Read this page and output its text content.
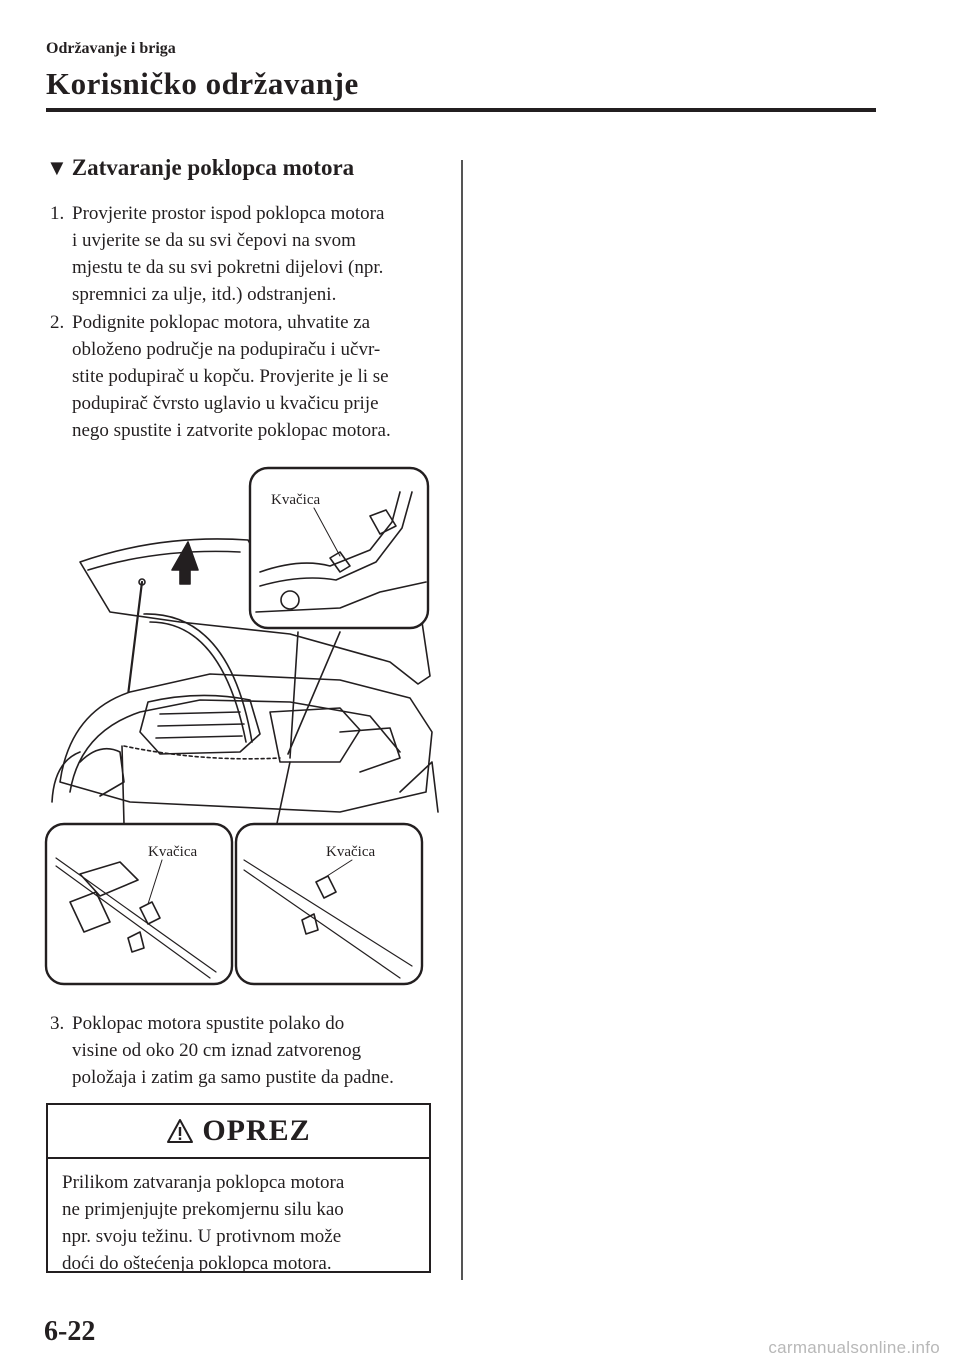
Održavanje i briga
Korisničko održavanje
▼ Zatvaranje poklopca motora
1. Provjerite prostor ispod poklopca motora
i uvjerite se da su svi čepovi na svom
mjestu te da su svi pokretni dijelovi (npr.
spremnici za ulje, itd.) odstranjeni.
2. Podignite poklopac motora, uhvatite za
obloženo područje na podupiraču i učvr-
stite podupirač u kopču. Provjerite je li se
podupirač čvrsto uglavio u kvačicu prije
nego spustite i zatvorite poklopac motora.
Kvačica
Kvačica	Kvačica
3. Poklopac motora spustite polako do
visine od oko 20 cm iznad zatvorenog
položaja i zatim ga samo pustite da padne.
OPREZ
Prilikom zatvaranja poklopca motora
ne primjenjujte prekomjernu silu kao
npr. svoju težinu. U protivnom može
doći do oštećenja poklopca motora.
6-22
carmanualsonline.info
